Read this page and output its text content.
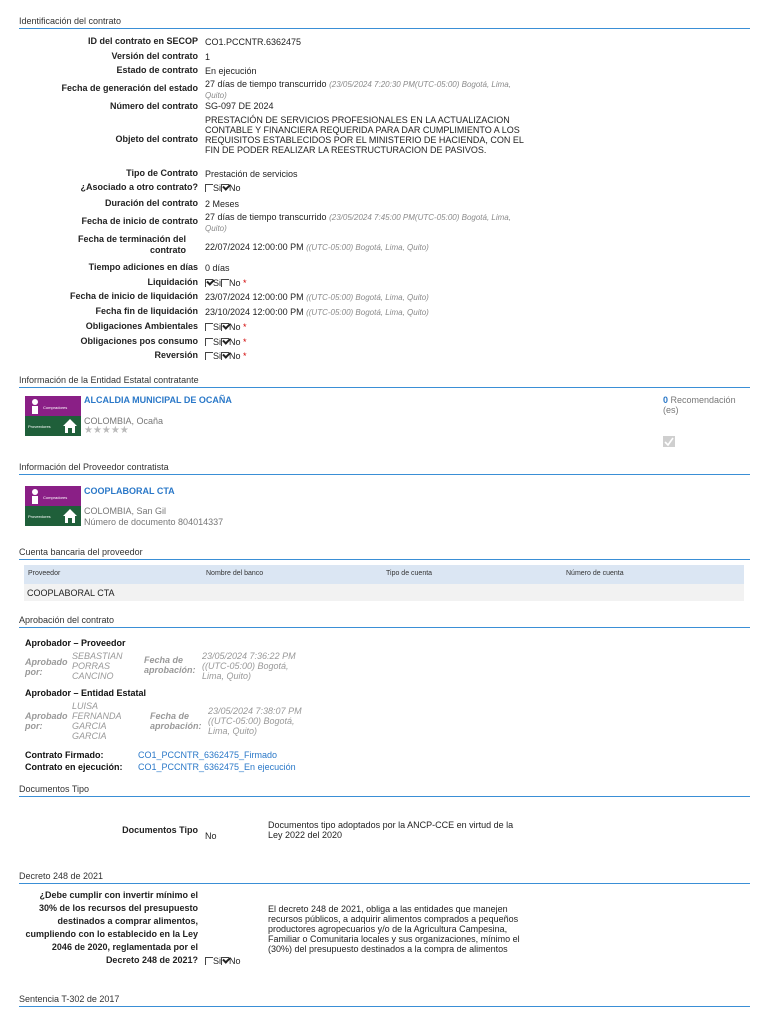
Identificación del contrato
ID del contrato en SECOP CO1.PCCNTR.6362475
Versión del contrato 1
Estado de contrato En ejecución
Fecha de generación del estado 27 días de tiempo transcurrido (23/05/2024 7:20:30 PM(UTC-05:00) Bogotá, Lima, Quito)
Número del contrato SG-097 DE 2024
Objeto del contrato
PRESTACIÓN DE SERVICIOS PROFESIONALES EN LA ACTUALIZACION CONTABLE Y FINANCIERA REQUERIDA PARA DAR CUMPLIMIENTO A LOS REQUISITOS ESTABLECIDOS POR EL MINISTERIO DE HACIENDA, CON EL FIN DE PODER REALIZAR LA REESTRUCTURACION DE PASIVOS.
Tipo de Contrato Prestación de servicios
¿Asociado a otro contrato?	Si No
Duración del contrato 2 Meses
Fecha de inicio de contrato 27 días de tiempo transcurrido (23/05/2024 7:45:00 PM(UTC-05:00) Bogotá, Lima, Quito)
Fecha de terminación del contrato 22/07/2024 12:00:00 PM ((UTC-05:00) Bogotá, Lima, Quito)
Tiempo adiciones en días 0 días
Liquidación	Si No *
Fecha de inicio de liquidación 23/07/2024 12:00:00 PM ((UTC-05:00) Bogotá, Lima, Quito)
Fecha fin de liquidación 23/10/2024 12:00:00 PM ((UTC-05:00) Bogotá, Lima, Quito)
Obligaciones Ambientales	Si No *
Obligaciones pos consumo	Si No *
Reversión	Si No *
Información de la Entidad Estatal contratante
Compradores
Proveedores
ALCALDIA MUNICIPAL DE OCAÑA
COLOMBIA, Ocaña
★★★★★
0 Recomendación (es)
Información del Proveedor contratista
Compradores
Proveedores
COOPLABORAL CTA
COLOMBIA, San Gil
Número de documento 804014337
Cuenta bancaria del proveedor
Proveedor	Nombre del banco	Tipo de cuenta	Número de cuenta
COOPLABORAL CTA
Aprobación del contrato
Aprobador – Proveedor
Aprobado por:
SEBASTIAN PORRAS CANCINO
Fecha de aprobación:
23/05/2024 7:36:22 PM ((UTC-05:00) Bogotá, Lima, Quito)
Aprobador – Entidad Estatal
Aprobado por:
LUISA FERNANDA GARCIA GARCIA
Fecha de aprobación:
23/05/2024 7:38:07 PM ((UTC-05:00) Bogotá, Lima, Quito)
Contrato Firmado:	CO1_PCCNTR_6362475_Firmado
Contrato en ejecución: CO1_PCCNTR_6362475_En ejecución
Documentos Tipo
Documentos Tipo
No
Documentos tipo adoptados por la ANCP-CCE en virtud de la Ley 2022 del 2020
Decreto 248 de 2021
¿Debe cumplir con invertir mínimo el 30% de los recursos del presupuesto destinados a comprar alimentos, cumpliendo con lo establecido en la Ley 2046 de 2020, reglamentada por el Decreto 248 de 2021?	Si No
El decreto 248 de 2021, obliga a las entidades que manejen recursos públicos, a adquirir alimentos comprados a pequeños productores agropecuarios y/o de la Agricultura Campesina, Familiar o Comunitaria locales y sus organizaciones, mínimo el (30%) del presupuesto destinados a la compra de alimentos
Sentencia T-302 de 2017
